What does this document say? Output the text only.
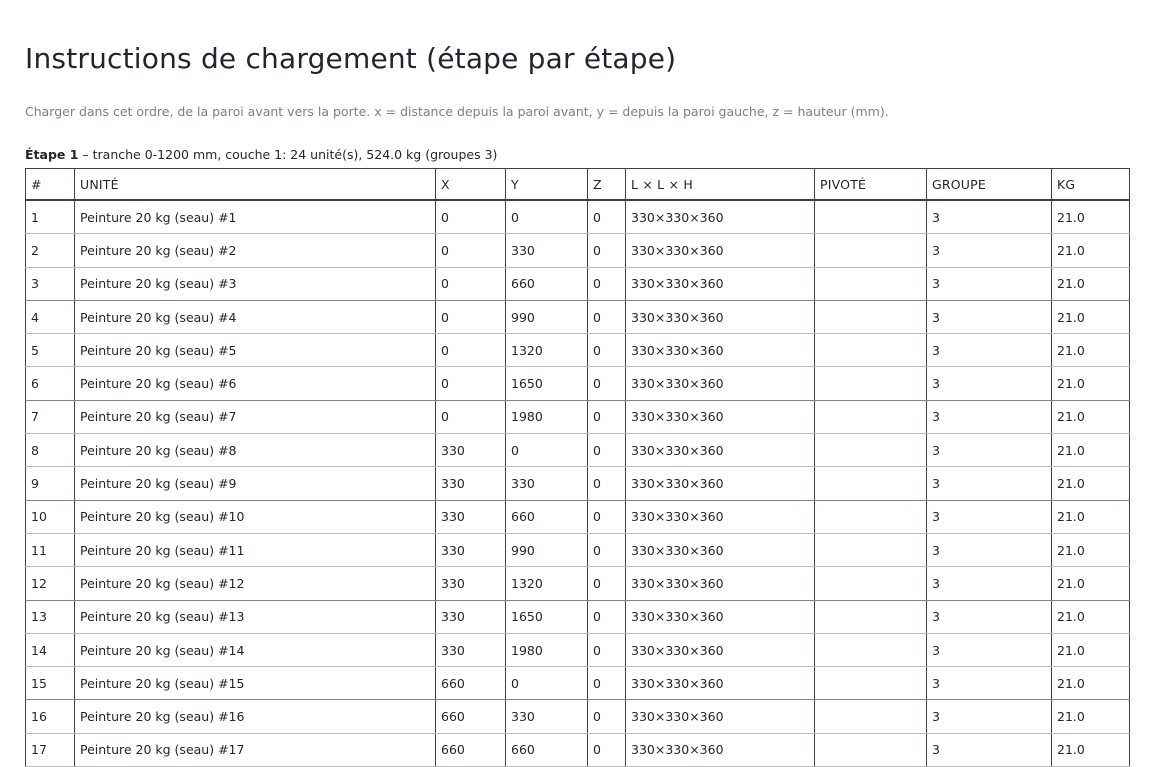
Instructions de chargement (étape par étape)
Charger dans cet ordre, de la paroi avant vers la porte. x = distance depuis la paroi avant, y = depuis la paroi gauche, z = hauteur (mm).
Étape 1 – tranche 0-1200 mm, couche 1: 24 unité(s), 524.0 kg (groupes 3)
#	UNITÉ	X	Y	Z	L × L × H	PIVOTÉ	GROUPE	KG
1	Peinture 20 kg (seau) #1	0	0	0	330×330×360		3	21.0
2	Peinture 20 kg (seau) #2	0	330	0	330×330×360		3	21.0
3	Peinture 20 kg (seau) #3	0	660	0	330×330×360		3	21.0
4	Peinture 20 kg (seau) #4	0	990	0	330×330×360		3	21.0
5	Peinture 20 kg (seau) #5	0	1320	0	330×330×360		3	21.0
6	Peinture 20 kg (seau) #6	0	1650	0	330×330×360		3	21.0
7	Peinture 20 kg (seau) #7	0	1980	0	330×330×360		3	21.0
8	Peinture 20 kg (seau) #8	330	0	0	330×330×360		3	21.0
9	Peinture 20 kg (seau) #9	330	330	0	330×330×360		3	21.0
10	Peinture 20 kg (seau) #10	330	660	0	330×330×360		3	21.0
11	Peinture 20 kg (seau) #11	330	990	0	330×330×360		3	21.0
12	Peinture 20 kg (seau) #12	330	1320	0	330×330×360		3	21.0
13	Peinture 20 kg (seau) #13	330	1650	0	330×330×360		3	21.0
14	Peinture 20 kg (seau) #14	330	1980	0	330×330×360		3	21.0
15	Peinture 20 kg (seau) #15	660	0	0	330×330×360		3	21.0
16	Peinture 20 kg (seau) #16	660	330	0	330×330×360		3	21.0
17	Peinture 20 kg (seau) #17	660	660	0	330×330×360		3	21.0
